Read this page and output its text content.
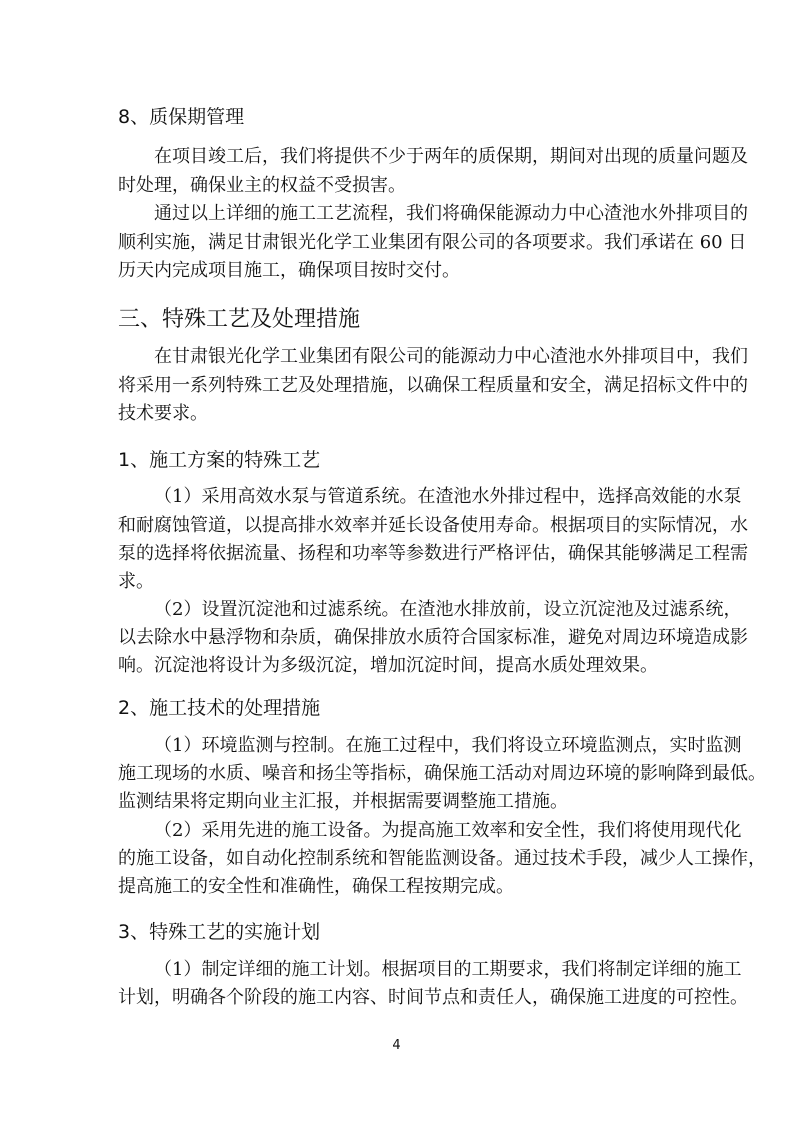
4
8、质保期管理
在项目竣工后，我们将提供不少于两年的质保期，期间对出现的质量问题及
时处理，确保业主的权益不受损害。
通过以上详细的施工工艺流程，我们将确保能源动力中心渣池水外排项目的
顺利实施，满足甘肃银光化学工业集团有限公司的各项要求。我们承诺在 60 日
历天内完成项目施工，确保项目按时交付。
三、特殊工艺及处理措施
在甘肃银光化学工业集团有限公司的能源动力中心渣池水外排项目中，我们
将采用一系列特殊工艺及处理措施，以确保工程质量和安全，满足招标文件中的
技术要求。
1、施工方案的特殊工艺
（1）采用高效水泵与管道系统。在渣池水外排过程中，选择高效能的水泵
和耐腐蚀管道，以提高排水效率并延长设备使用寿命。根据项目的实际情况，水
泵的选择将依据流量、扬程和功率等参数进行严格评估，确保其能够满足工程需
求。
（2）设置沉淀池和过滤系统。在渣池水排放前，设立沉淀池及过滤系统，
以去除水中悬浮物和杂质，确保排放水质符合国家标准，避免对周边环境造成影
响。沉淀池将设计为多级沉淀，增加沉淀时间，提高水质处理效果。
2、施工技术的处理措施
（1）环境监测与控制。在施工过程中，我们将设立环境监测点，实时监测
施工现场的水质、噪音和扬尘等指标，确保施工活动对周边环境的影响降到最低。
监测结果将定期向业主汇报，并根据需要调整施工措施。
（2）采用先进的施工设备。为提高施工效率和安全性，我们将使用现代化
的施工设备，如自动化控制系统和智能监测设备。通过技术手段，减少人工操作，
提高施工的安全性和准确性，确保工程按期完成。
3、特殊工艺的实施计划
（1）制定详细的施工计划。根据项目的工期要求，我们将制定详细的施工
计划，明确各个阶段的施工内容、时间节点和责任人，确保施工进度的可控性。
